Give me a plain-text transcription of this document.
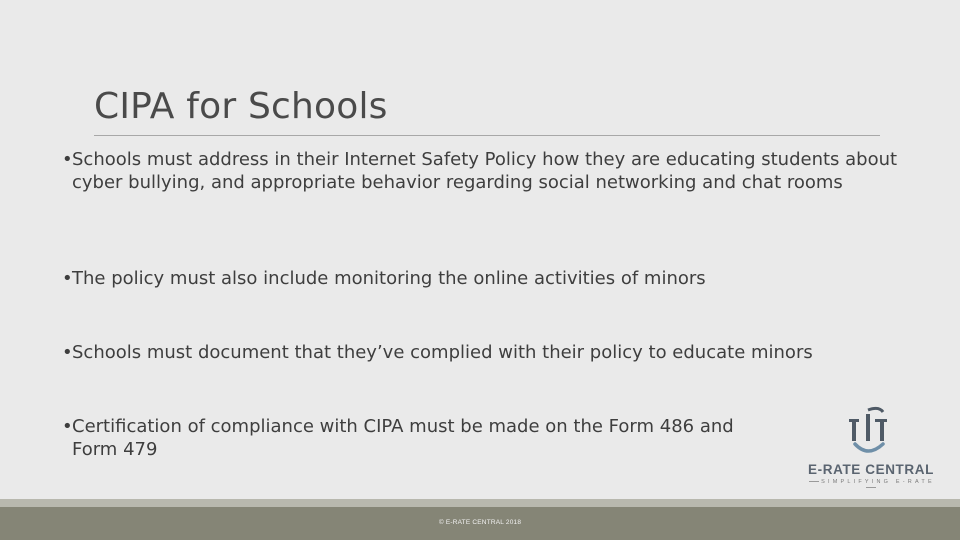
CIPA for Schools
• Schools must address in their Internet Safety Policy how they are educating students about cyber bullying, and appropriate behavior regarding social networking and chat rooms
• The policy must also include monitoring the online activities of minors
• Schools must document that they’ve complied with their policy to educate minors
• Certification of compliance with CIPA must be made on the Form 486 and Form 479
E-RATE CENTRAL
SIMPLIFYING E-RATE
© E-RATE CENTRAL 2018
